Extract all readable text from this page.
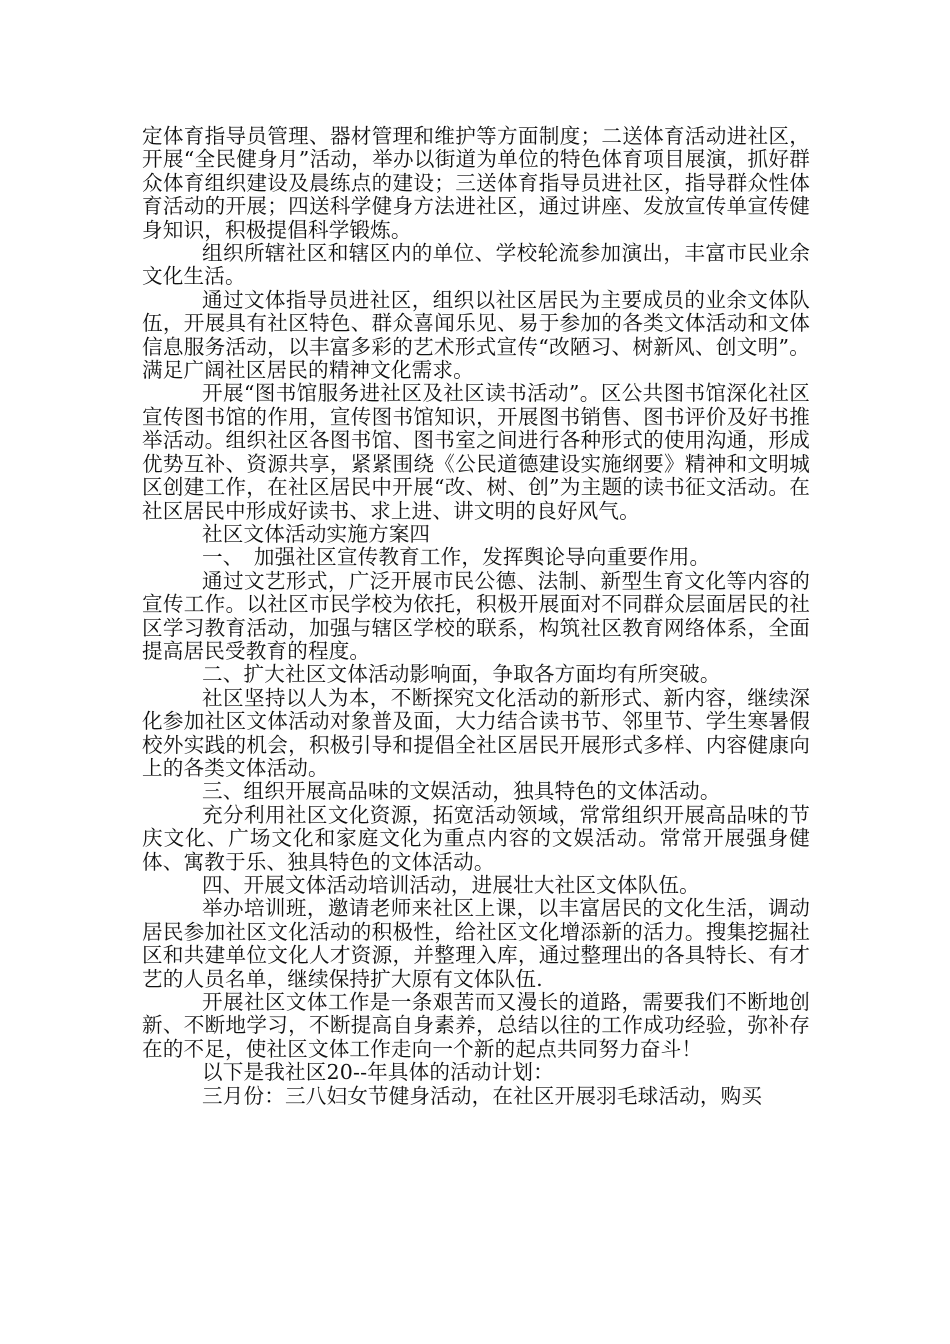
定体育指导员管理、器材管理和维护等方面制度；二送体育活动进社区，开展“全民健身月”活动，举办以街道为单位的特色体育项目展演，抓好群众体育组织建设及晨练点的建设；三送体育指导员进社区，指导群众性体育活动的开展；四送科学健身方法进社区，通过讲座、发放宣传单宣传健身知识，积极提倡科学锻炼。

组织所辖社区和辖区内的单位、学校轮流参加演出，丰富市民业余文化生活。

通过文体指导员进社区，组织以社区居民为主要成员的业余文体队伍，开展具有社区特色、群众喜闻乐见、易于参加的各类文体活动和文体信息服务活动，以丰富多彩的艺术形式宣传“改陋习、树新风、创文明”。满足广阔社区居民的精神文化需求。

开展“图书馆服务进社区及社区读书活动”。区公共图书馆深化社区宣传图书馆的作用，宣传图书馆知识，开展图书销售、图书评价及好书推举活动。组织社区各图书馆、图书室之间进行各种形式的使用沟通，形成优势互补、资源共享，紧紧围绕《公民道德建设实施纲要》精神和文明城区创建工作，在社区居民中开展“改、树、创”为主题的读书征文活动。在社区居民中形成好读书、求上进、讲文明的良好风气。

社区文体活动实施方案四

一、　加强社区宣传教育工作，发挥舆论导向重要作用。

通过文艺形式，广泛开展市民公德、法制、新型生育文化等内容的宣传工作。以社区市民学校为依托，积极开展面对不同群众层面居民的社区学习教育活动，加强与辖区学校的联系，构筑社区教育网络体系，全面提高居民受教育的程度。

二、扩大社区文体活动影响面，争取各方面均有所突破。

社区坚持以人为本，不断探究文化活动的新形式、新内容，继续深化参加社区文体活动对象普及面，大力结合读书节、邻里节、学生寒暑假校外实践的机会，积极引导和提倡全社区居民开展形式多样、内容健康向上的各类文体活动。

三、组织开展高品味的文娱活动，独具特色的文体活动。

充分利用社区文化资源，拓宽活动领域，常常组织开展高品味的节庆文化、广场文化和家庭文化为重点内容的文娱活动。常常开展强身健体、寓教于乐、独具特色的文体活动。

四、开展文体活动培训活动，进展壮大社区文体队伍。

举办培训班，邀请老师来社区上课，以丰富居民的文化生活，调动居民参加社区文化活动的积极性，给社区文化增添新的活力。搜集挖掘社区和共建单位文化人才资源，并整理入库，通过整理出的各具特长、有才艺的人员名单，继续保持扩大原有文体队伍.

开展社区文体工作是一条艰苦而又漫长的道路，需要我们不断地创新、不断地学习，不断提高自身素养，总结以往的工作成功经验，弥补存在的不足，使社区文体工作走向一个新的起点共同努力奋斗！

以下是我社区20--年具体的活动计划：

三月份：三八妇女节健身活动，在社区开展羽毛球活动，购买
